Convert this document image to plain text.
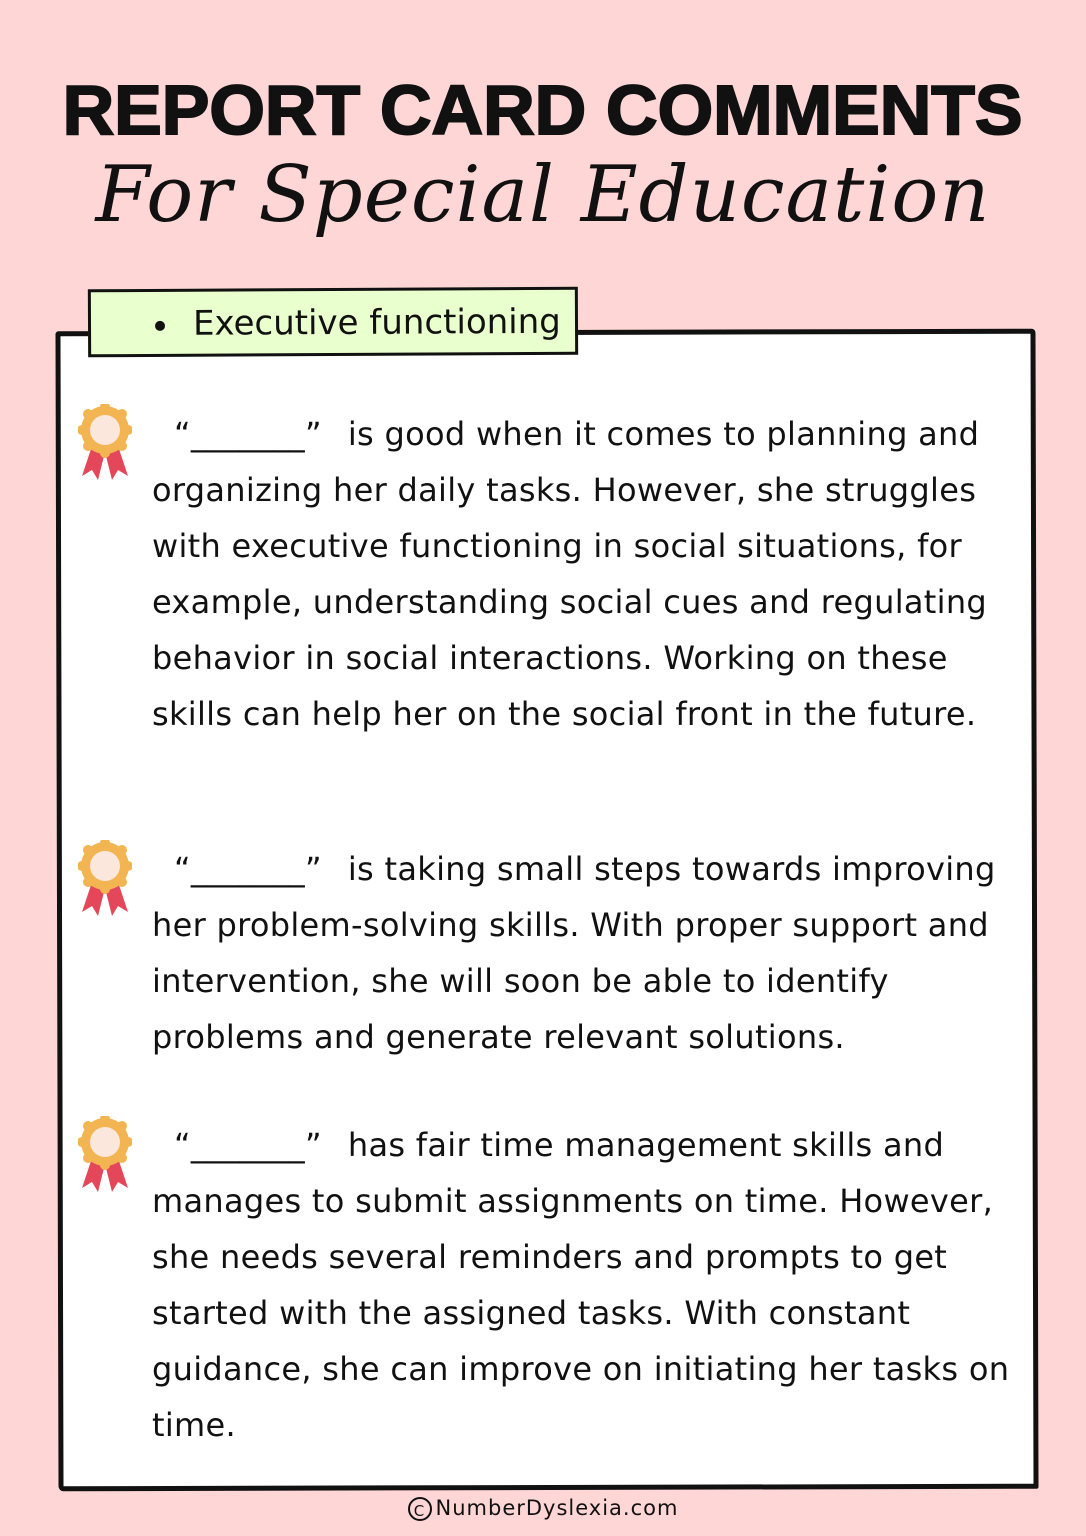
REPORT CARD COMMENTS
For Special Education
Executive functioning
“_______” is good when it comes to planning and organizing her daily tasks. However, she struggles with executive functioning in social situations, for example, understanding social cues and regulating behavior in social interactions. Working on these skills can help her on the social front in the future.
“_______” is taking small steps towards improving her problem-solving skills. With proper support and intervention, she will soon be able to identify problems and generate relevant solutions.
“_______” has fair time management skills and manages to submit assignments on time. However, she needs several reminders and prompts to get started with the assigned tasks. With constant guidance, she can improve on initiating her tasks on time.
C NumberDyslexia.com
